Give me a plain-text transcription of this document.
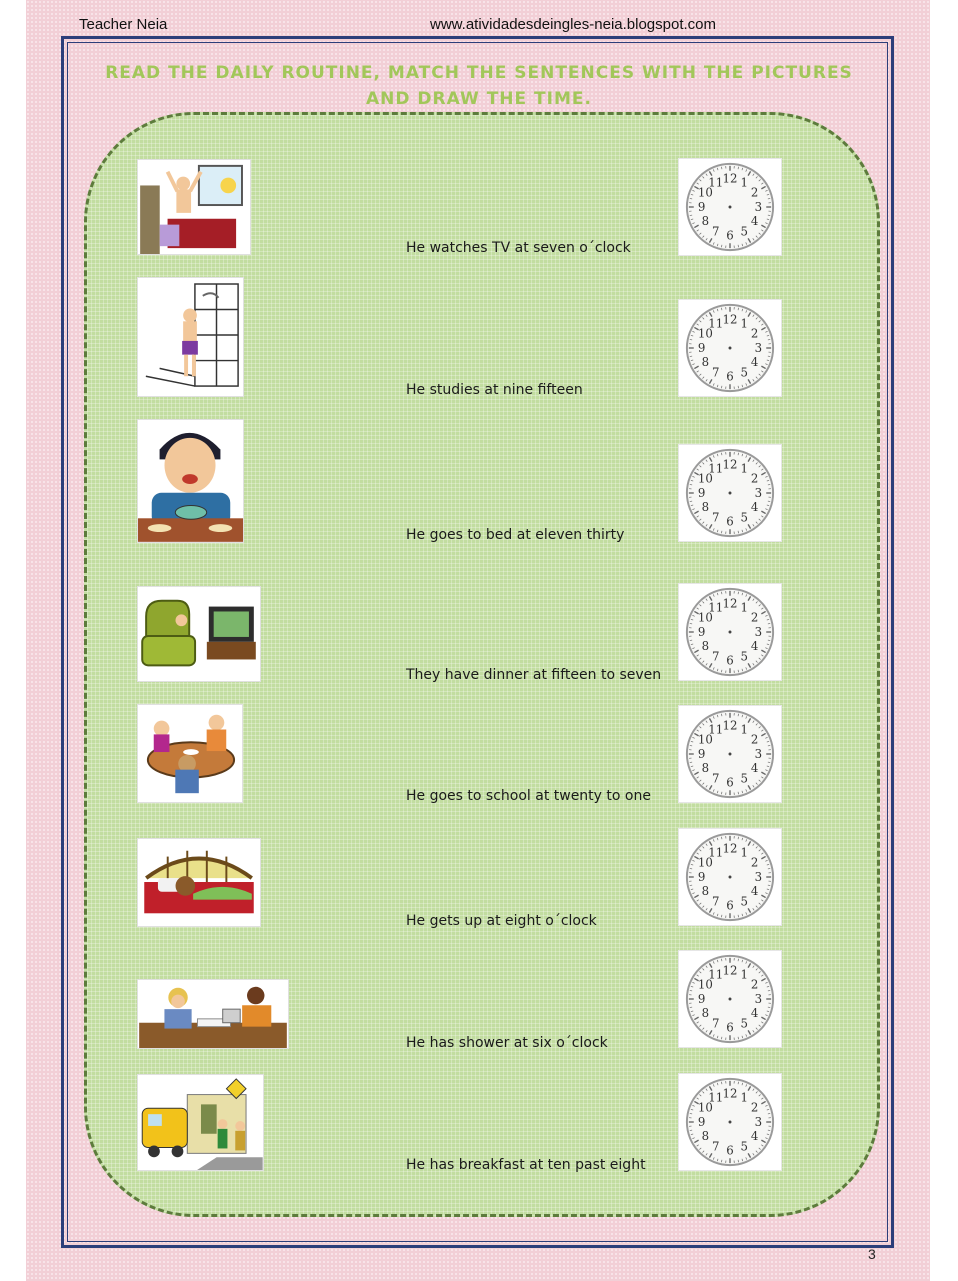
Teacher Neia	www.atividadesdeingles-neia.blogspot.com
READ THE DAILY ROUTINE, MATCH THE SENTENCES WITH THE PICTURES
AND DRAW THE TIME.
He watches TV at seven o´clock
He studies at nine fifteen
He goes to bed at eleven thirty
They have dinner at fifteen to seven
He goes to school at twenty to one
He gets up at eight o´clock
He has shower at six o´clock
He has breakfast at ten past eight
12 1
2
3
4
5
6
7
8
9
10
11
12 1
2
3
4
5
6
7
8
9
10
11
12 1
2
3
4
5
6
7
8
9
10
11
12 1
2
3
4
5
6
7
8
9
10
11
12 1
2
3
4
5
6
7
8
9
10
11
12 1
2
3
4
5
6
7
8
9
10
11
12 1
2
3
4
5
6
7
8
9
10
11
12 1
2
3
4
5
6
7
8
9
10
11
3
